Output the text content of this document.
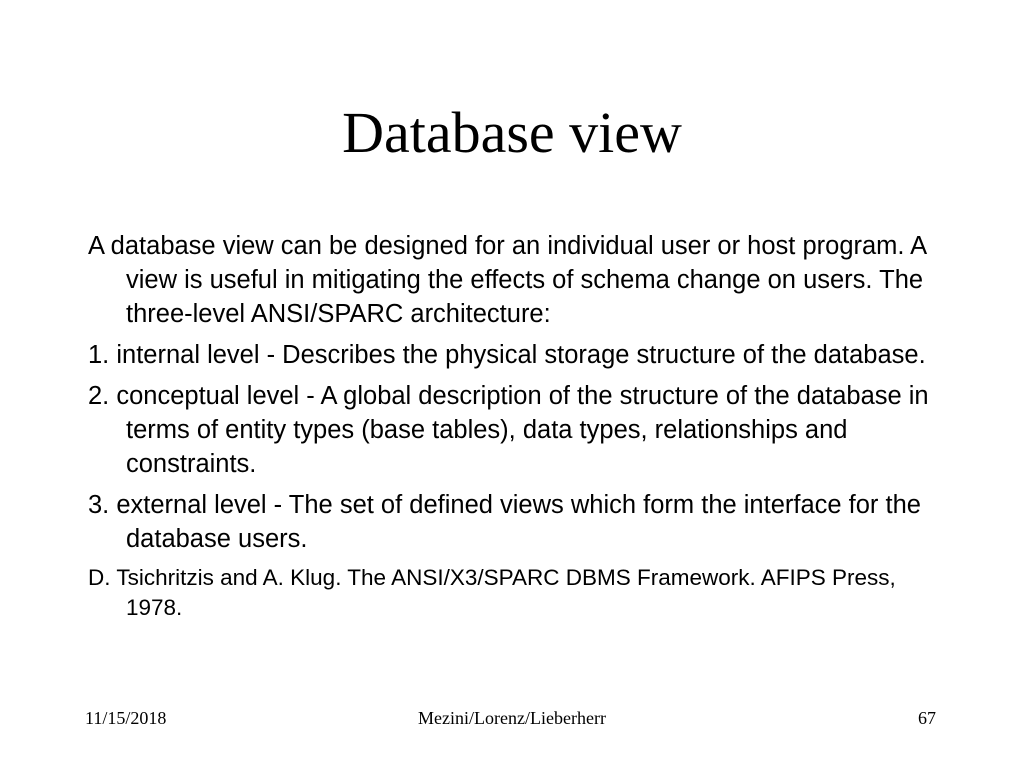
Database view

A database view can be designed for an individual user or host program. A view is useful in mitigating the effects of schema change on users. The three-level ANSI/SPARC architecture:

1. internal level - Describes the physical storage structure of the database.

2. conceptual level - A global description of the structure of the database in terms of entity types (base tables), data types, relationships and constraints.

3. external level - The set of defined views which form the interface for the database users.

D. Tsichritzis and A. Klug. The ANSI/X3/SPARC DBMS Framework. AFIPS Press, 1978.

Mezini/Lorenz/Lieberherr
11/15/2018	67
